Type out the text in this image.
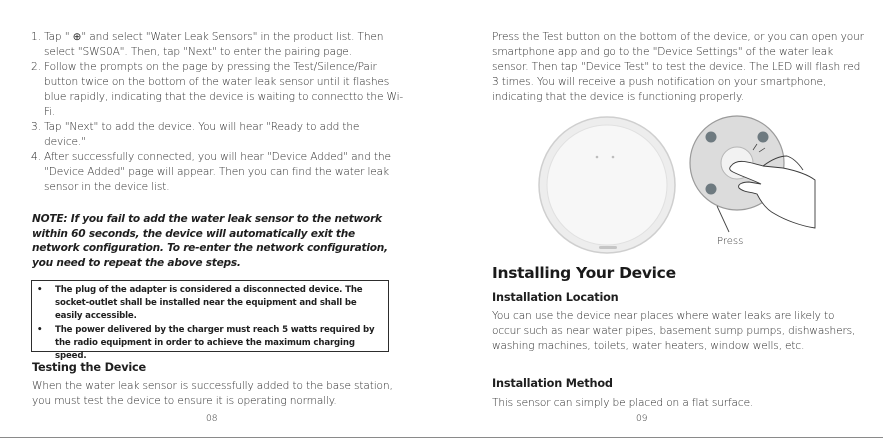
1. Tap " ⊕" and select "Water Leak Sensors" in the product list. Then select "SWS0A". Then, tap "Next" to enter the pairing page.
2. Follow the prompts on the page by pressing the Test/Silence/Pair button twice on the bottom of the water leak sensor until it flashes blue rapidly, indicating that the device is waiting to connectto the Wi-Fi.
3. Tap "Next" to add the device. You will hear "Ready to add the device."
4. After successfully connected, you will hear "Device Added" and the "Device Added" page will appear. Then you can find the water leak sensor in the device list.
NOTE: If you fail to add the water leak sensor to the network within 60 seconds, the device will automatically exit the network configuration. To re-enter the network configuration, you need to repeat the above steps.
• The plug of the adapter is considered a disconnected device. The socket-outlet shall be installed near the equipment and shall be easily accessible.
• The power delivered by the charger must reach 5 watts required by the radio equipment in order to achieve the maximum charging speed.
Testing the Device
When the water leak sensor is successfully added to the base station, you must test the device to ensure it is operating normally.
08
Press the Test button on the bottom of the device, or you can open your smartphone app and go to the "Device Settings" of the water leak sensor. Then tap "Device Test" to test the device. The LED will flash red 3 times. You will receive a push notification on your smartphone, indicating that the device is functioning properly.
Press
Installing Your Device
Installation Location
You can use the device near places where water leaks are likely to occur such as near water pipes, basement sump pumps, dishwashers, washing machines, toilets, water heaters, window wells, etc.
Installation Method
This sensor can simply be placed on a flat surface.
09
